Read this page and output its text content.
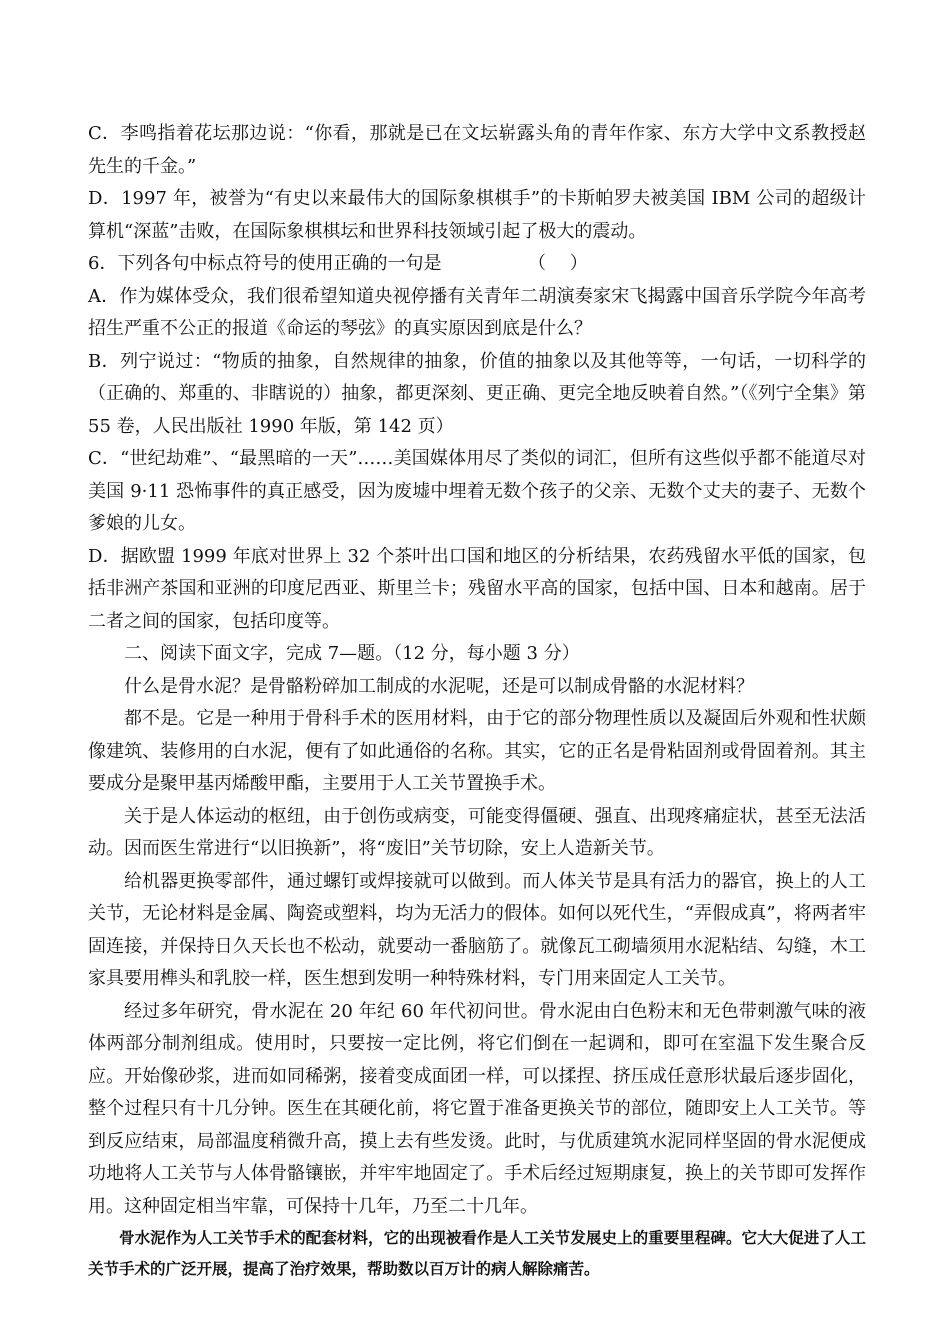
C．李鸣指着花坛那边说：“你看，那就是已在文坛崭露头角的青年作家、东方大学中文系教授赵先生的千金。”

D．1997 年，被誉为“有史以来最伟大的国际象棋棋手”的卡斯帕罗夫被美国 IBM 公司的超级计算机“深蓝”击败，在国际象棋棋坛和世界科技领域引起了极大的震动。

6．下列各句中标点符号的使用正确的一句是	（　 ）

A．作为媒体受众，我们很希望知道央视停播有关青年二胡演奏家宋飞揭露中国音乐学院今年高考招生严重不公正的报道《命运的琴弦》的真实原因到底是什么？

B．列宁说过：“物质的抽象，自然规律的抽象，价值的抽象以及其他等等，一句话，一切科学的（正确的、郑重的、非瞎说的）抽象，都更深刻、更正确、更完全地反映着自然。”（《列宁全集》第 55 卷，人民出版社 1990 年版，第 142 页）

C．“世纪劫难”、“最黑暗的一天”……美国媒体用尽了类似的词汇，但所有这些似乎都不能道尽对美国 9·11 恐怖事件的真正感受，因为废墟中埋着无数个孩子的父亲、无数个丈夫的妻子、无数个爹娘的儿女。

D．据欧盟 1999 年底对世界上 32 个茶叶出口国和地区的分析结果，农药残留水平低的国家，包括非洲产茶国和亚洲的印度尼西亚、斯里兰卡；残留水平高的国家，包括中国、日本和越南。居于二者之间的国家，包括印度等。

二、阅读下面文字，完成 7—题。（12 分，每小题 3 分）

什么是骨水泥？是骨骼粉碎加工制成的水泥呢，还是可以制成骨骼的水泥材料？

都不是。它是一种用于骨科手术的医用材料，由于它的部分物理性质以及凝固后外观和性状颇像建筑、装修用的白水泥，便有了如此通俗的名称。其实，它的正名是骨粘固剂或骨固着剂。其主要成分是聚甲基丙烯酸甲酯，主要用于人工关节置换手术。

关于是人体运动的枢纽，由于创伤或病变，可能变得僵硬、强直、出现疼痛症状，甚至无法活动。因而医生常进行“以旧换新”，将“废旧”关节切除，安上人造新关节。

给机器更换零部件，通过螺钉或焊接就可以做到。而人体关节是具有活力的器官，换上的人工关节，无论材料是金属、陶瓷或塑料，均为无活力的假体。如何以死代生，“弄假成真”，将两者牢固连接，并保持日久天长也不松动，就要动一番脑筋了。就像瓦工砌墙须用水泥粘结、勾缝，木工家具要用榫头和乳胶一样，医生想到发明一种特殊材料，专门用来固定人工关节。

经过多年研究，骨水泥在 20 年纪 60 年代初问世。骨水泥由白色粉末和无色带刺激气味的液体两部分制剂组成。使用时，只要按一定比例，将它们倒在一起调和，即可在室温下发生聚合反应。开始像砂浆，进而如同稀粥，接着变成面团一样，可以揉捏、挤压成任意形状最后逐步固化，整个过程只有十几分钟。医生在其硬化前，将它置于准备更换关节的部位，随即安上人工关节。等到反应结束，局部温度稍微升高，摸上去有些发烫。此时，与优质建筑水泥同样坚固的骨水泥便成功地将人工关节与人体骨骼镶嵌，并牢牢地固定了。手术后经过短期康复，换上的关节即可发挥作用。这种固定相当牢靠，可保持十几年，乃至二十几年。

骨水泥作为人工关节手术的配套材料，它的出现被看作是人工关节发展史上的重要里程碑。它大大促进了人工关节手术的广泛开展，提高了治疗效果，帮助数以百万计的病人解除痛苦。
